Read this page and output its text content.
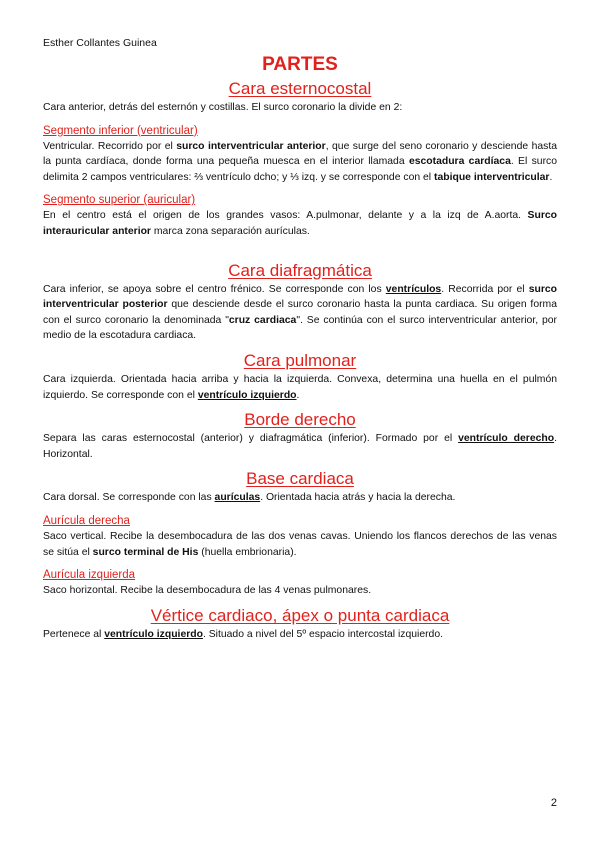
Esther Collantes Guinea
PARTES
Cara esternocostal

Cara anterior, detrás del esternón y costillas. El surco coronario la divide en 2:

Segmento inferior (ventricular)

Ventricular. Recorrido por el surco interventricular anterior, que surge del seno coronario y desciende hasta la punta cardíaca, donde forma una pequeña muesca en el interior llamada escotadura cardíaca. El surco delimita 2 campos ventriculares: ⅔ ventrículo dcho; y ⅓ izq. y se corresponde con el tabique interventricular.

Segmento superior (auricular)

En el centro está el origen de los grandes vasos: A.pulmonar, delante y a la izq de A.aorta. Surco interauricular anterior marca zona separación aurículas.

Cara diafragmática

Cara inferior, se apoya sobre el centro frénico. Se corresponde con los ventrículos. Recorrida por el surco interventricular posterior que desciende desde el surco coronario hasta la punta cardiaca. Su origen forma con el surco coronario la denominada "cruz cardiaca". Se continúa con el surco interventricular anterior, por medio de la escotadura cardiaca.

Cara pulmonar

Cara izquierda. Orientada hacia arriba y hacia la izquierda. Convexa, determina una huella en el pulmón izquierdo. Se corresponde con el ventrículo izquierdo.

Borde derecho

Separa las caras esternocostal (anterior) y diafragmática (inferior). Formado por el ventrículo derecho. Horizontal.

Base cardiaca

Cara dorsal. Se corresponde con las aurículas. Orientada hacia atrás y hacia la derecha.

Aurícula derecha

Saco vertical. Recibe la desembocadura de las dos venas cavas. Uniendo los flancos derechos de las venas se sitúa el surco terminal de His (huella embrionaria).

Aurícula izquierda

Saco horizontal. Recibe la desembocadura de las 4 venas pulmonares.

Vértice cardiaco, ápex o punta cardiaca

Pertenece al ventrículo izquierdo. Situado a nivel del 5º espacio intercostal izquierdo.

2
